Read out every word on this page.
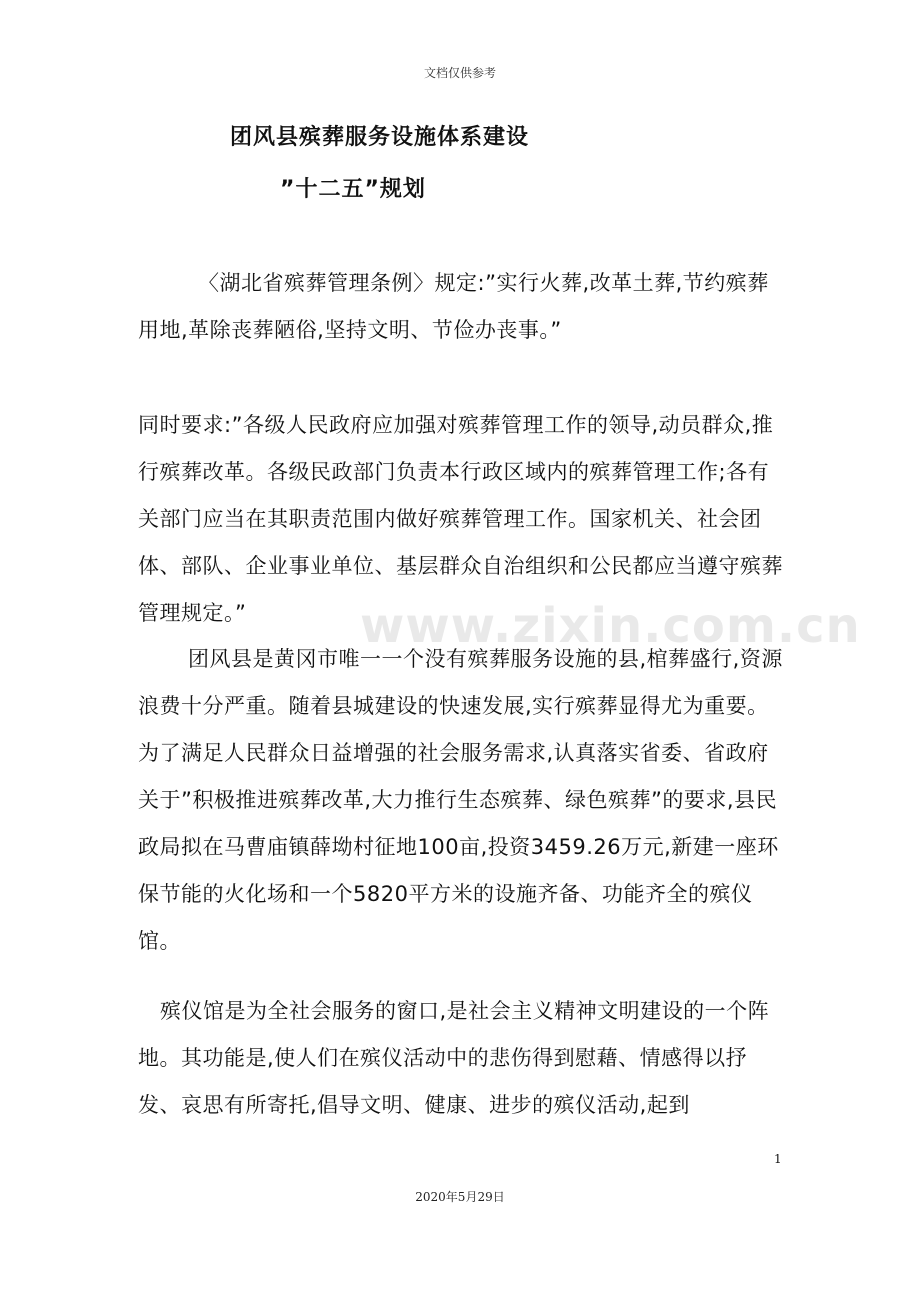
文档仅供参考
团风县殡葬服务设施体系建设
”十二五”规划
〈湖北省殡葬管理条例〉规定:”实行火葬,改革土葬,节约殡葬用地,革除丧葬陋俗,坚持文明、节俭办丧事。”
同时要求:”各级人民政府应加强对殡葬管理工作的领导,动员群众,推行殡葬改革。各级民政部门负责本行政区域内的殡葬管理工作;各有关部门应当在其职责范围内做好殡葬管理工作。国家机关、社会团体、部队、企业事业单位、基层群众自治组织和公民都应当遵守殡葬管理规定。”	www.zixin.com.cn
团风县是黄冈市唯一一个没有殡葬服务设施的县,棺葬盛行,资源浪费十分严重。随着县城建设的快速发展,实行殡葬显得尤为重要。为了满足人民群众日益增强的社会服务需求,认真落实省委、省政府关于”积极推进殡葬改革,大力推行生态殡葬、绿色殡葬”的要求,县民政局拟在马曹庙镇薛坳村征地100亩,投资3459.26万元,新建一座环保节能的火化场和一个5820平方米的设施齐备、功能齐全的殡仪馆。
殡仪馆是为全社会服务的窗口,是社会主义精神文明建设的一个阵地。其功能是,使人们在殡仪活动中的悲伤得到慰藉、情感得以抒发、哀思有所寄托,倡导文明、健康、进步的殡仪活动,起到
1
2020年5月29日
